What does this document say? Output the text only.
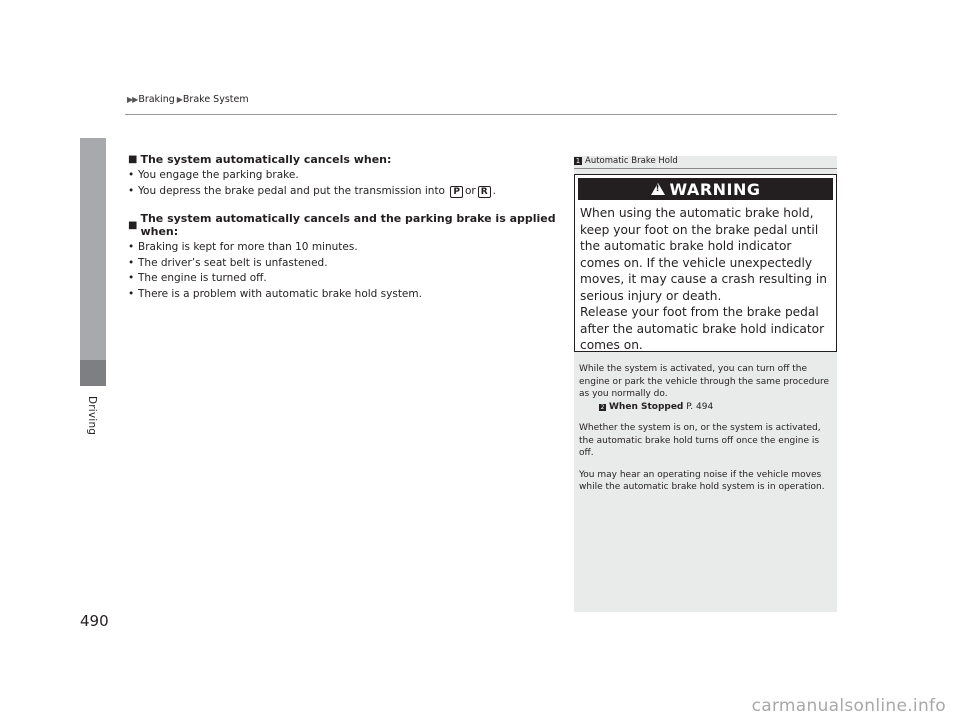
▶▶ Braking ▶ Brake System
Driving
490
■ The system automatically cancels when:
• You engage the parking brake.
• You depress the brake pedal and put the transmission into P or R .
■ The system automatically cancels and the parking brake is applied when:
• Braking is kept for more than 10 minutes.
• The driver’s seat belt is unfastened.
• The engine is turned off.
• There is a problem with automatic brake hold system.
1 Automatic Brake Hold
!
WARNING
When using the automatic brake hold, keep your foot on the brake pedal until the automatic brake hold indicator comes on. If the vehicle unexpectedly moves, it may cause a crash resulting in serious injury or death.
Release your foot from the brake pedal after the automatic brake hold indicator comes on.

While the system is activated, you can turn off the engine or park the vehicle through the same procedure as you normally do.
2 When Stopped P. 494

Whether the system is on, or the system is activated, the automatic brake hold turns off once the engine is off.

You may hear an operating noise if the vehicle moves while the automatic brake hold system is in operation.

carmanualsonline.info
